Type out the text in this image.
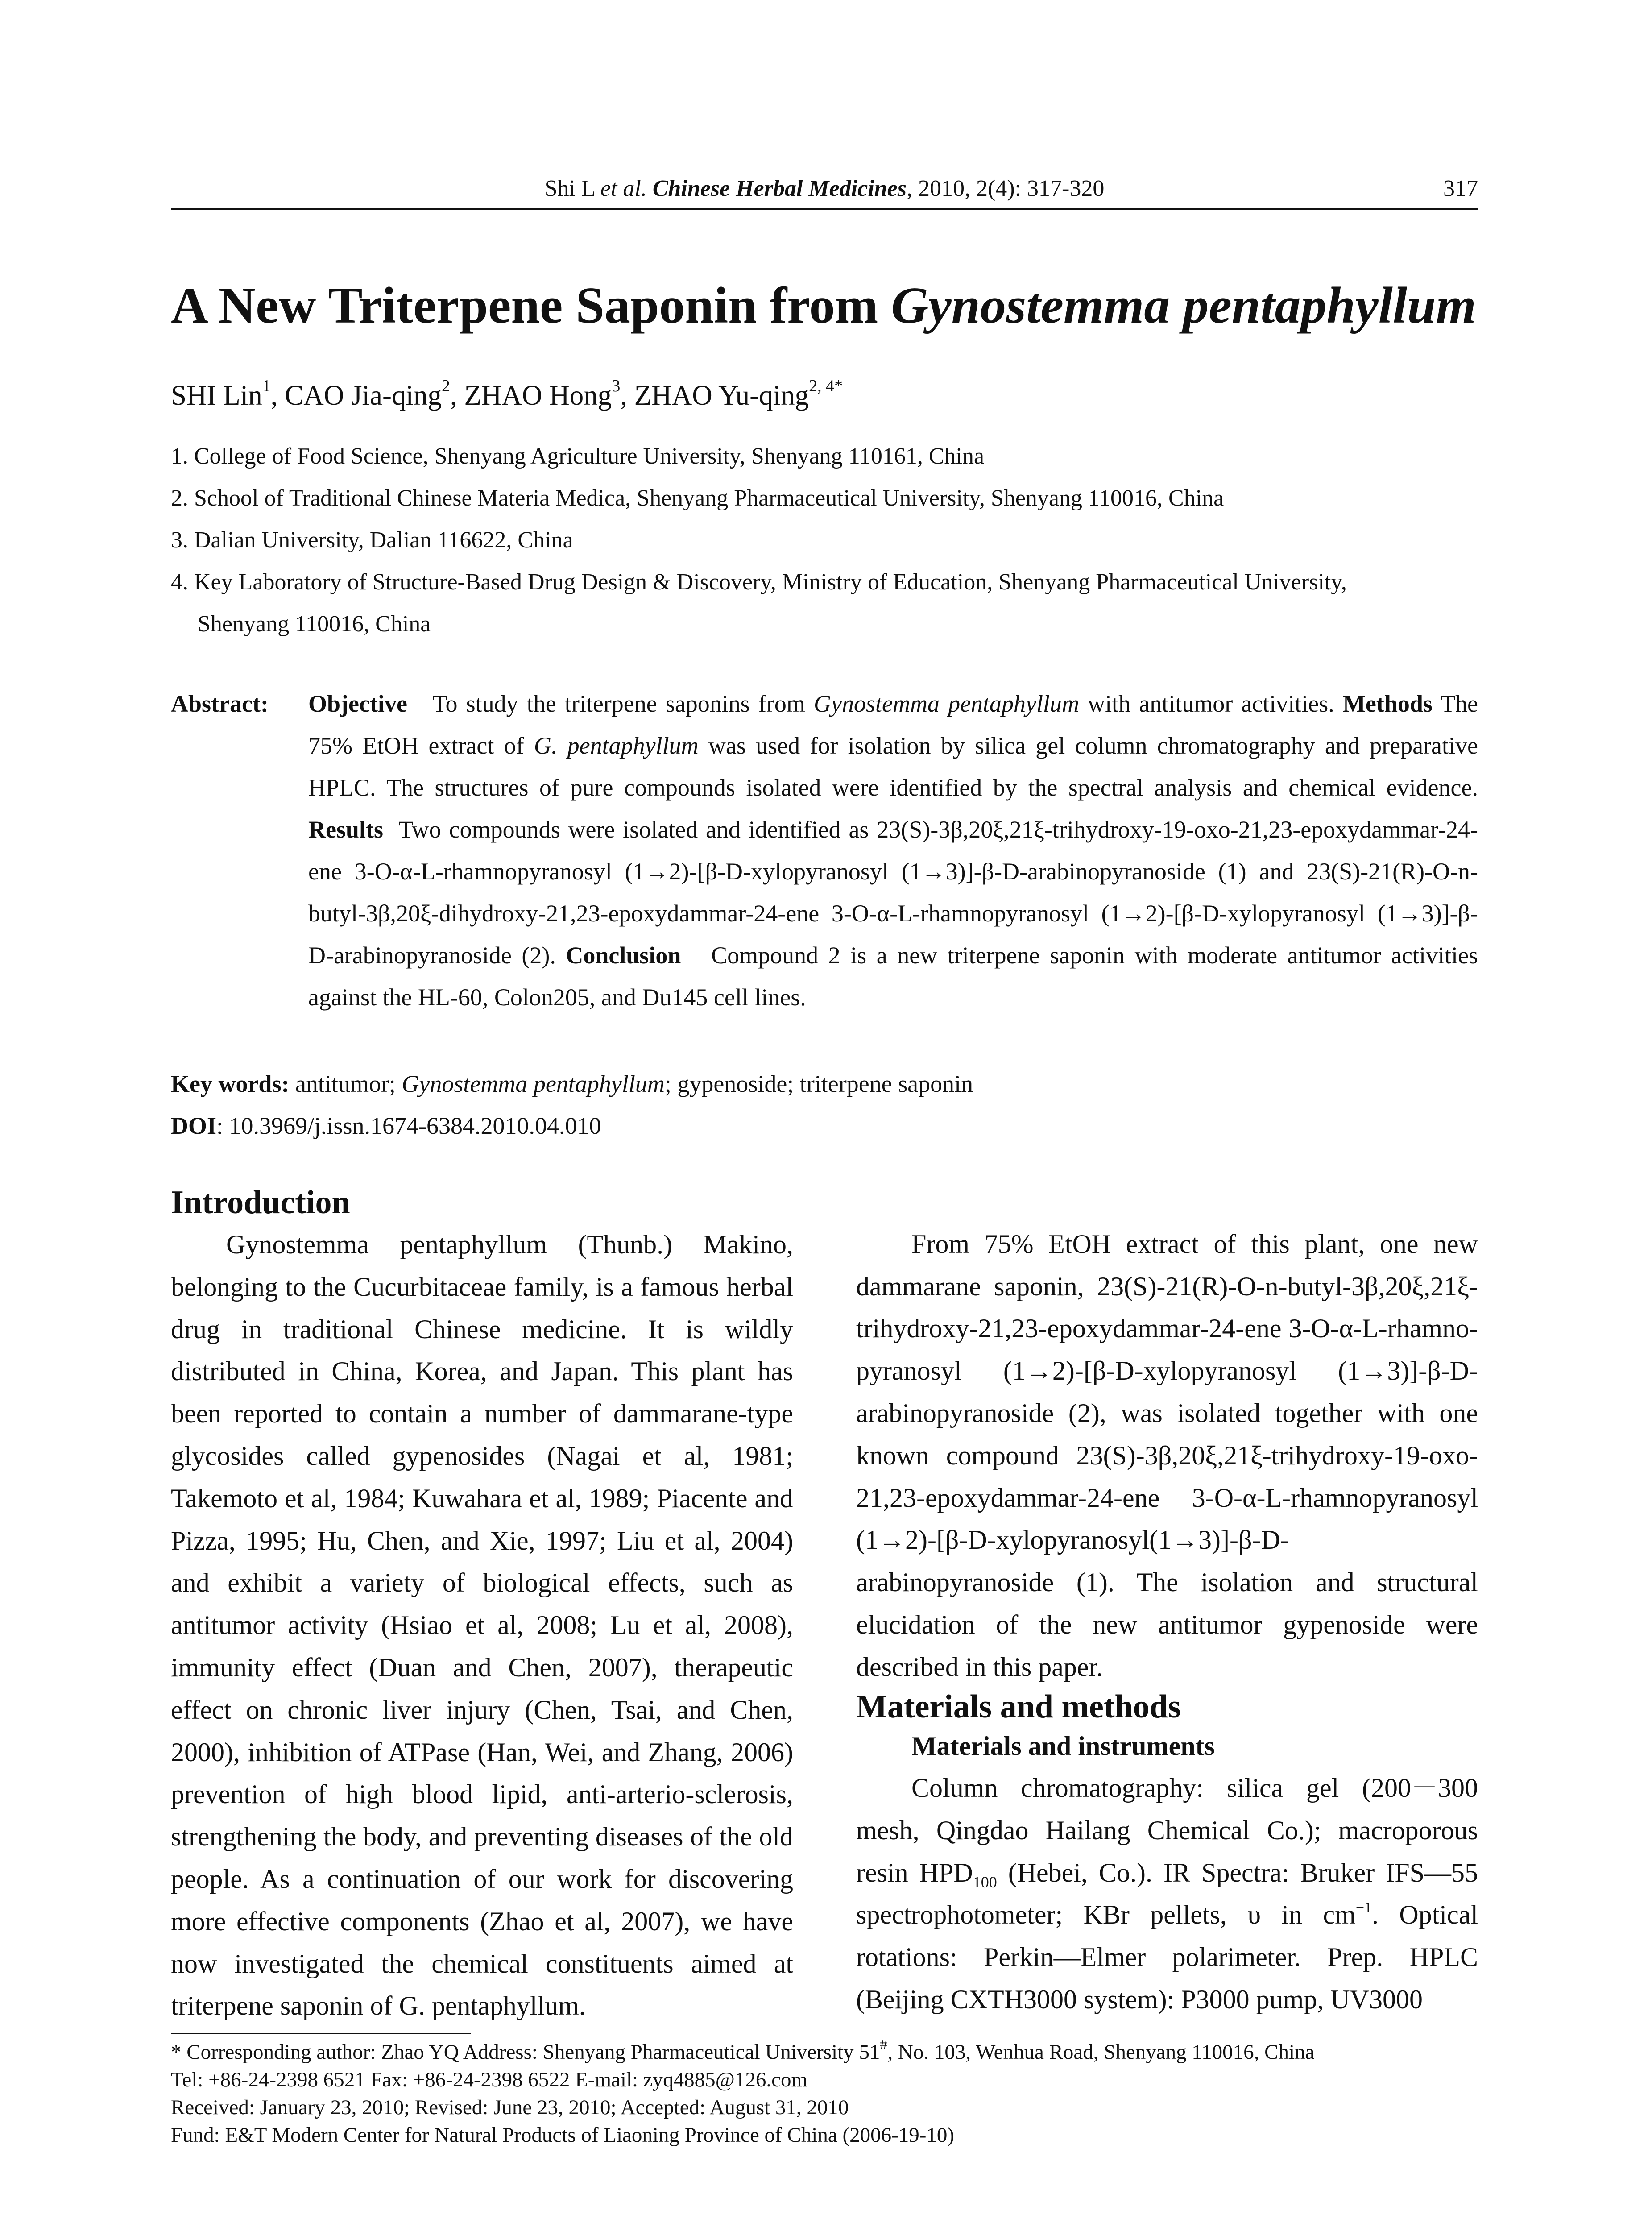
Shi L et al. Chinese Herbal Medicines, 2010, 2(4): 317-320	317
A New Triterpene Saponin from Gynostemma pentaphyllum
SHI Lin$^1$, CAO Jia-qing$^2$, ZHAO Hong$^3$, ZHAO Yu-qing$^{2, 4*}$
1. College of Food Science, Shenyang Agriculture University, Shenyang 110161, China
2. School of Traditional Chinese Materia Medica, Shenyang Pharmaceutical University, Shenyang 110016, China
3. Dalian University, Dalian 116622, China
4. Key Laboratory of Structure-Based Drug Design & Discovery, Ministry of Education, Shenyang Pharmaceutical University,
Shenyang 110016, China
Abstract: Objective To study the triterpene saponins from Gynostemma pentaphyllum with antitumor activities. Methods The 75% EtOH extract of G. pentaphyllum was used for isolation by silica gel column chromatography and preparative HPLC. The structures of pure compounds isolated were identified by the spectral analysis and chemical evidence. Results Two compounds were isolated and identified as 23(S)-3β,20ξ,21ξ-trihydroxy-19-oxo-21,23-epoxydammar-24-ene 3-O-α-L-rhamnopyranosyl (1→2)-[β-D-xylopyranosyl (1→3)]-β-D-arabinopyranoside (1) and 23(S)-21(R)-O-n-butyl-3β,20ξ-dihydroxy-21,23-epoxydammar-24-ene 3-O-α-L-rhamnopyranosyl (1→2)-[β-D-xylopyranosyl (1→3)]-β-D-arabinopyranoside (2). Conclusion Compound 2 is a new triterpene saponin with moderate antitumor activities against the HL-60, Colon205, and Du145 cell lines.
Key words: antitumor; Gynostemma pentaphyllum; gypenoside; triterpene saponin
DOI: 10.3969/j.issn.1674-6384.2010.04.010
Introduction

Gynostemma pentaphyllum (Thunb.) Makino, belonging to the Cucurbitaceae family, is a famous herbal drug in traditional Chinese medicine. It is wildly distributed in China, Korea, and Japan. This plant has been reported to contain a number of dammarane-type glycosides called gypenosides (Nagai et al, 1981; Takemoto et al, 1984; Kuwahara et al, 1989; Piacente and Pizza, 1995; Hu, Chen, and Xie, 1997; Liu et al, 2004) and exhibit a variety of biological effects, such as antitumor activity (Hsiao et al, 2008; Lu et al, 2008), immunity effect (Duan and Chen, 2007), therapeutic effect on chronic liver injury (Chen, Tsai, and Chen, 2000), inhibition of ATPase (Han, Wei, and Zhang, 2006) prevention of high blood lipid, anti-arterio-sclerosis, strengthening the body, and preventing diseases of the old people. As a continuation of our work for discovering more effective components (Zhao et al, 2007), we have now investigated the chemical constituents aimed at triterpene saponin of G. pentaphyllum.

From 75% EtOH extract of this plant, one new dammarane saponin, 23(S)-21(R)-O-n-butyl-3β,20ξ,21ξ-trihydroxy-21,23-epoxydammar-24-ene 3-O-α-L-rhamno-pyranosyl (1→2)-[β-D-xylopyranosyl (1→3)]-β-D-arabinopyranoside (2), was isolated together with one known compound 23(S)-3β,20ξ,21ξ-trihydroxy-19-oxo-21,23-epoxydammar-24-ene 3-O-α-L-rhamnopyranosyl (1→2)-[β-D-xylopyranosyl(1→3)]-β-D-arabinopyranoside (1). The isolation and structural elucidation of the new antitumor gypenoside were described in this paper.

Materials and methods
Materials and instruments

Column chromatography: silica gel (200－300 mesh, Qingdao Hailang Chemical Co.); macroporous resin $HPD_{100}$ (Hebei, Co.). IR Spectra: Bruker IFS―55 spectrophotometer; KBr pellets, υ in $cm^{-1}$. Optical rotations: Perkin—Elmer polarimeter. Prep. HPLC (Beijing CXTH3000 system): P3000 pump, UV3000

* Corresponding author: Zhao YQ Address: Shenyang Pharmaceutical University 51#, No. 103, Wenhua Road, Shenyang 110016, China
Tel: +86-24-2398 6521 Fax: +86-24-2398 6522 E-mail: zyq4885@126.com
Received: January 23, 2010; Revised: June 23, 2010; Accepted: August 31, 2010
Fund: E&T Modern Center for Natural Products of Liaoning Province of China (2006-19-10)
